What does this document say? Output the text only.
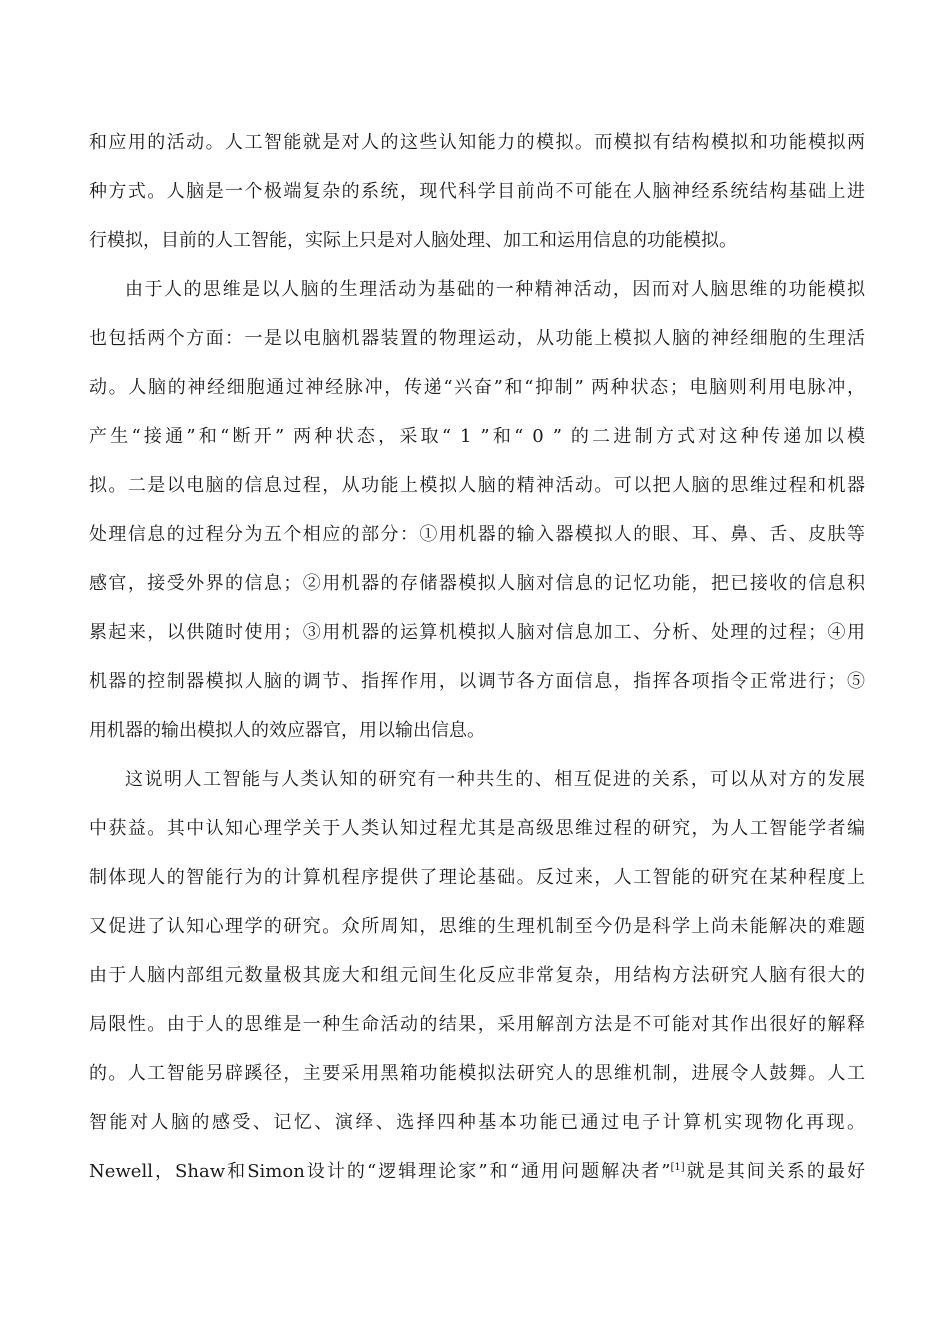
和应用的活动。人工智能就是对人的这些认知能力的模拟。而模拟有结构模拟和功能模拟两
种方式。人脑是一个极端复杂的系统，现代科学目前尚不可能在人脑神经系统结构基础上进
行模拟，目前的人工智能，实际上只是对人脑处理、加工和运用信息的功能模拟。
由于人的思维是以人脑的生理活动为基础的一种精神活动，因而对人脑思维的功能模拟
也包括两个方面：一是以电脑机器装置的物理运动，从功能上模拟人脑的神经细胞的生理活
动。人脑的神经细胞通过神经脉冲，传递“兴奋”和“抑制” 两种状态；电脑则利用电脉冲，
产生“接通”和“断开” 两种状态，采取“ 1 ”和“ 0 ” 的二进制方式对这种传递加以模
拟。二是以电脑的信息过程，从功能上模拟人脑的精神活动。可以把人脑的思维过程和机器
处理信息的过程分为五个相应的部分：①用机器的输入器模拟人的眼、耳、鼻、舌、皮肤等
感官，接受外界的信息；②用机器的存储器模拟人脑对信息的记忆功能，把已接收的信息积
累起来，以供随时使用；③用机器的运算机模拟人脑对信息加工、分析、处理的过程；④用
机器的控制器模拟人脑的调节、指挥作用，以调节各方面信息，指挥各项指令正常进行；⑤
用机器的输出模拟人的效应器官，用以输出信息。
这说明人工智能与人类认知的研究有一种共生的、相互促进的关系，可以从对方的发展
中获益。其中认知心理学关于人类认知过程尤其是高级思维过程的研究，为人工智能学者编
制体现人的智能行为的计算机程序提供了理论基础。反过来，人工智能的研究在某种程度上
又促进了认知心理学的研究。众所周知，思维的生理机制至今仍是科学上尚未能解决的难题
由于人脑内部组元数量极其庞大和组元间生化反应非常复杂，用结构方法研究人脑有很大的
局限性。由于人的思维是一种生命活动的结果，采用解剖方法是不可能对其作出很好的解释
的。人工智能另辟蹊径，主要采用黑箱功能模拟法研究人的思维机制，进展令人鼓舞。人工
智能对人脑的感受、记忆、演绎、选择四种基本功能已通过电子计算机实现物化再现。
Newell，Shaw和Simon设计的“逻辑理论家”和“通用问题解决者”[1]就是其间关系的最好
